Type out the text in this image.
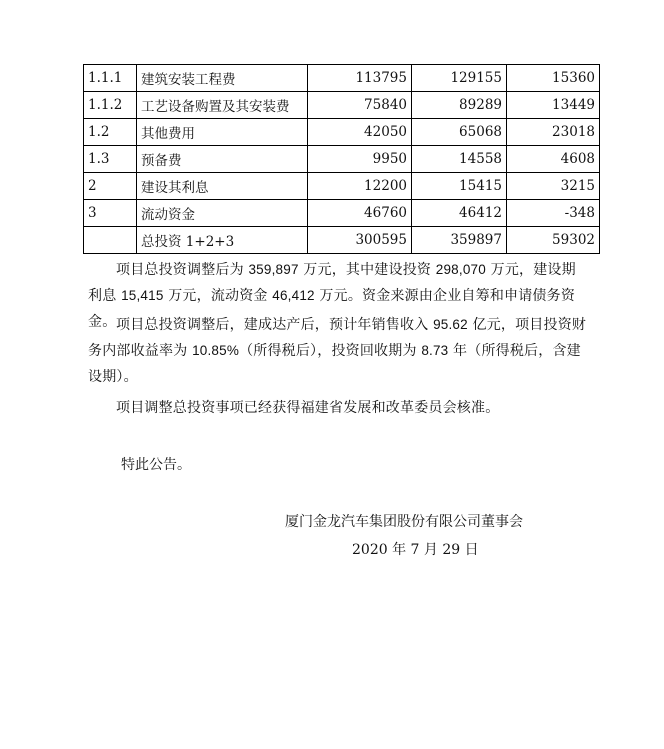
1.1.1	建筑安装工程费	113795	129155	15360
1.1.2	工艺设备购置及其安装费	75840	89289	13449
1.2	其他费用	42050	65068	23018
1.3	预备费	9950	14558	4608
2	建设其利息	12200	15415	3215
3	流动资金	46760	46412	-348
	总投资 1+2+3	300595	359897	59302

项目总投资调整后为 359,897 万元，其中建设投资 298,070 万元，建设期利息 15,415 万元，流动资金 46,412 万元。资金来源由企业自筹和申请债务资金。 项目总投资调整后，建成达产后，预计年销售收入 95.62 亿元，项目投资财务内部收益率为 10.85%（所得税后），投资回收期为 8.73 年（所得税后，含建设期）。

项目调整总投资事项已经获得福建省发展和改革委员会核准。

特此公告。

厦门金龙汽车集团股份有限公司董事会

2020 年 7 月 29 日
